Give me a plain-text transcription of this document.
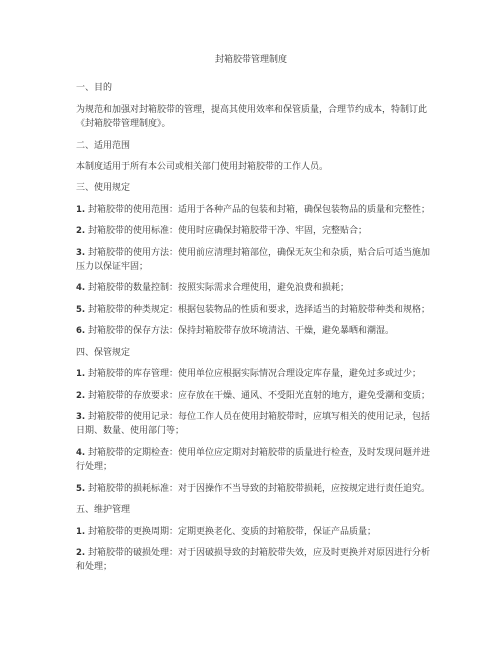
封箱胶带管理制度
一、目的
为规范和加强对封箱胶带的管理，提高其使用效率和保管质量，合理节约成本，特制订此
《封箱胶带管理制度》。
二、适用范围
本制度适用于所有本公司或相关部门使用封箱胶带的工作人员。
三、使用规定
1. 封箱胶带的使用范围：适用于各种产品的包装和封箱，确保包装物品的质量和完整性；
2. 封箱胶带的使用标准：使用时应确保封箱胶带干净、牢固，完整贴合；
3. 封箱胶带的使用方法：使用前应清理封箱部位，确保无灰尘和杂质，贴合后可适当施加
压力以保证牢固；
4. 封箱胶带的数量控制：按照实际需求合理使用，避免浪费和损耗；
5. 封箱胶带的种类规定：根据包装物品的性质和要求，选择适当的封箱胶带种类和规格；
6. 封箱胶带的保存方法：保持封箱胶带存放环境清洁、干燥，避免暴晒和潮湿。
四、保管规定
1. 封箱胶带的库存管理：使用单位应根据实际情况合理设定库存量，避免过多或过少；
2. 封箱胶带的存放要求：应存放在干燥、通风、不受阳光直射的地方，避免受潮和变质；
3. 封箱胶带的使用记录：每位工作人员在使用封箱胶带时，应填写相关的使用记录，包括
日期、数量、使用部门等；
4. 封箱胶带的定期检查：使用单位应定期对封箱胶带的质量进行检查，及时发现问题并进
行处理；
5. 封箱胶带的损耗标准：对于因操作不当导致的封箱胶带损耗，应按规定进行责任追究。
五、维护管理
1. 封箱胶带的更换周期：定期更换老化、变质的封箱胶带，保证产品质量；
2. 封箱胶带的破损处理：对于因破损导致的封箱胶带失效，应及时更换并对原因进行分析
和处理；
